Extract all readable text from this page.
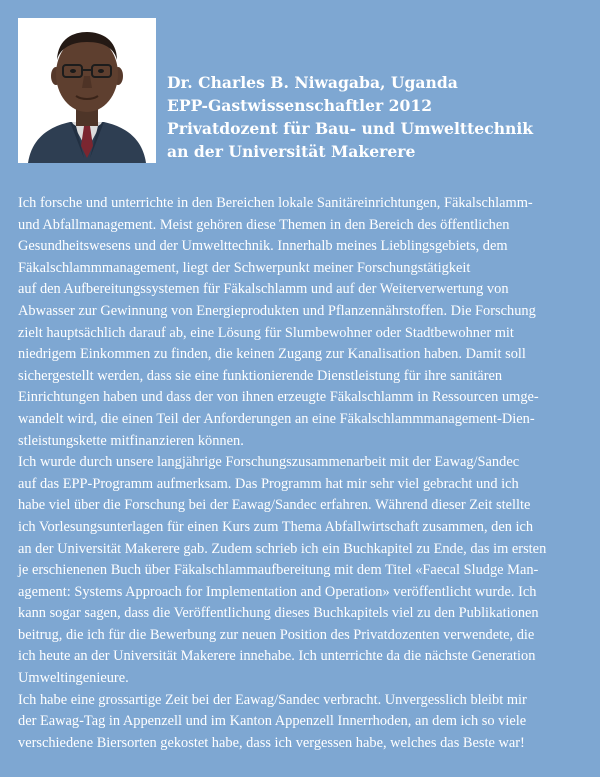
Dr. Charles B. Niwagaba, Uganda
EPP-Gastwissenschaftler 2012
Privatdozent für Bau- und Umwelttechnik
an der Universität Makerere
Ich forsche und unterrichte in den Bereichen lokale Sanitäreinrichtungen, Fäkalschlamm-
und Abfallmanagement. Meist gehören diese Themen in den Bereich des öffentlichen
Gesundheitswesens und der Umwelttechnik. Innerhalb meines Lieblingsgebiets, dem
Fäkalschlammmanagement, liegt der Schwerpunkt meiner Forschungstätigkeit
auf den Aufbereitungssystemen für Fäkalschlamm und auf der Weiterverwertung von
Abwasser zur Gewinnung von Energieprodukten und Pflanzennährstoffen. Die Forschung
zielt hauptsächlich darauf ab, eine Lösung für Slumbewohner oder Stadtbewohner mit
niedrigem Einkommen zu finden, die keinen Zugang zur Kanalisation haben. Damit soll
sichergestellt werden, dass sie eine funktionierende Dienstleistung für ihre sanitären
Einrichtungen haben und dass der von ihnen erzeugte Fäkalschlamm in Ressourcen umge-
wandelt wird, die einen Teil der Anforderungen an eine Fäkalschlammmanagement-Dien-
stleistungskette mitfinanzieren können.
Ich wurde durch unsere langjährige Forschungszusammenarbeit mit der Eawag/Sandec
auf das EPP-Programm aufmerksam. Das Programm hat mir sehr viel gebracht und ich
habe viel über die Forschung bei der Eawag/Sandec erfahren. Während dieser Zeit stellte
ich Vorlesungsunterlagen für einen Kurs zum Thema Abfallwirtschaft zusammen, den ich
an der Universität Makerere gab. Zudem schrieb ich ein Buchkapitel zu Ende, das im ersten
je erschienenen Buch über Fäkalschlammaufbereitung mit dem Titel «Faecal Sludge Man-
agement: Systems Approach for Implementation and Operation» veröffentlicht wurde. Ich
kann sogar sagen, dass die Veröffentlichung dieses Buchkapitels viel zu den Publikationen
beitrug, die ich für die Bewerbung zur neuen Position des Privatdozenten verwendete, die
ich heute an der Universität Makerere innehabe. Ich unterrichte da die nächste Generation
Umweltingenieure.
Ich habe eine grossartige Zeit bei der Eawag/Sandec verbracht. Unvergesslich bleibt mir
der Eawag-Tag in Appenzell und im Kanton Appenzell Innerrhoden, an dem ich so viele
verschiedene Biersorten gekostet habe, dass ich vergessen habe, welches das Beste war!
